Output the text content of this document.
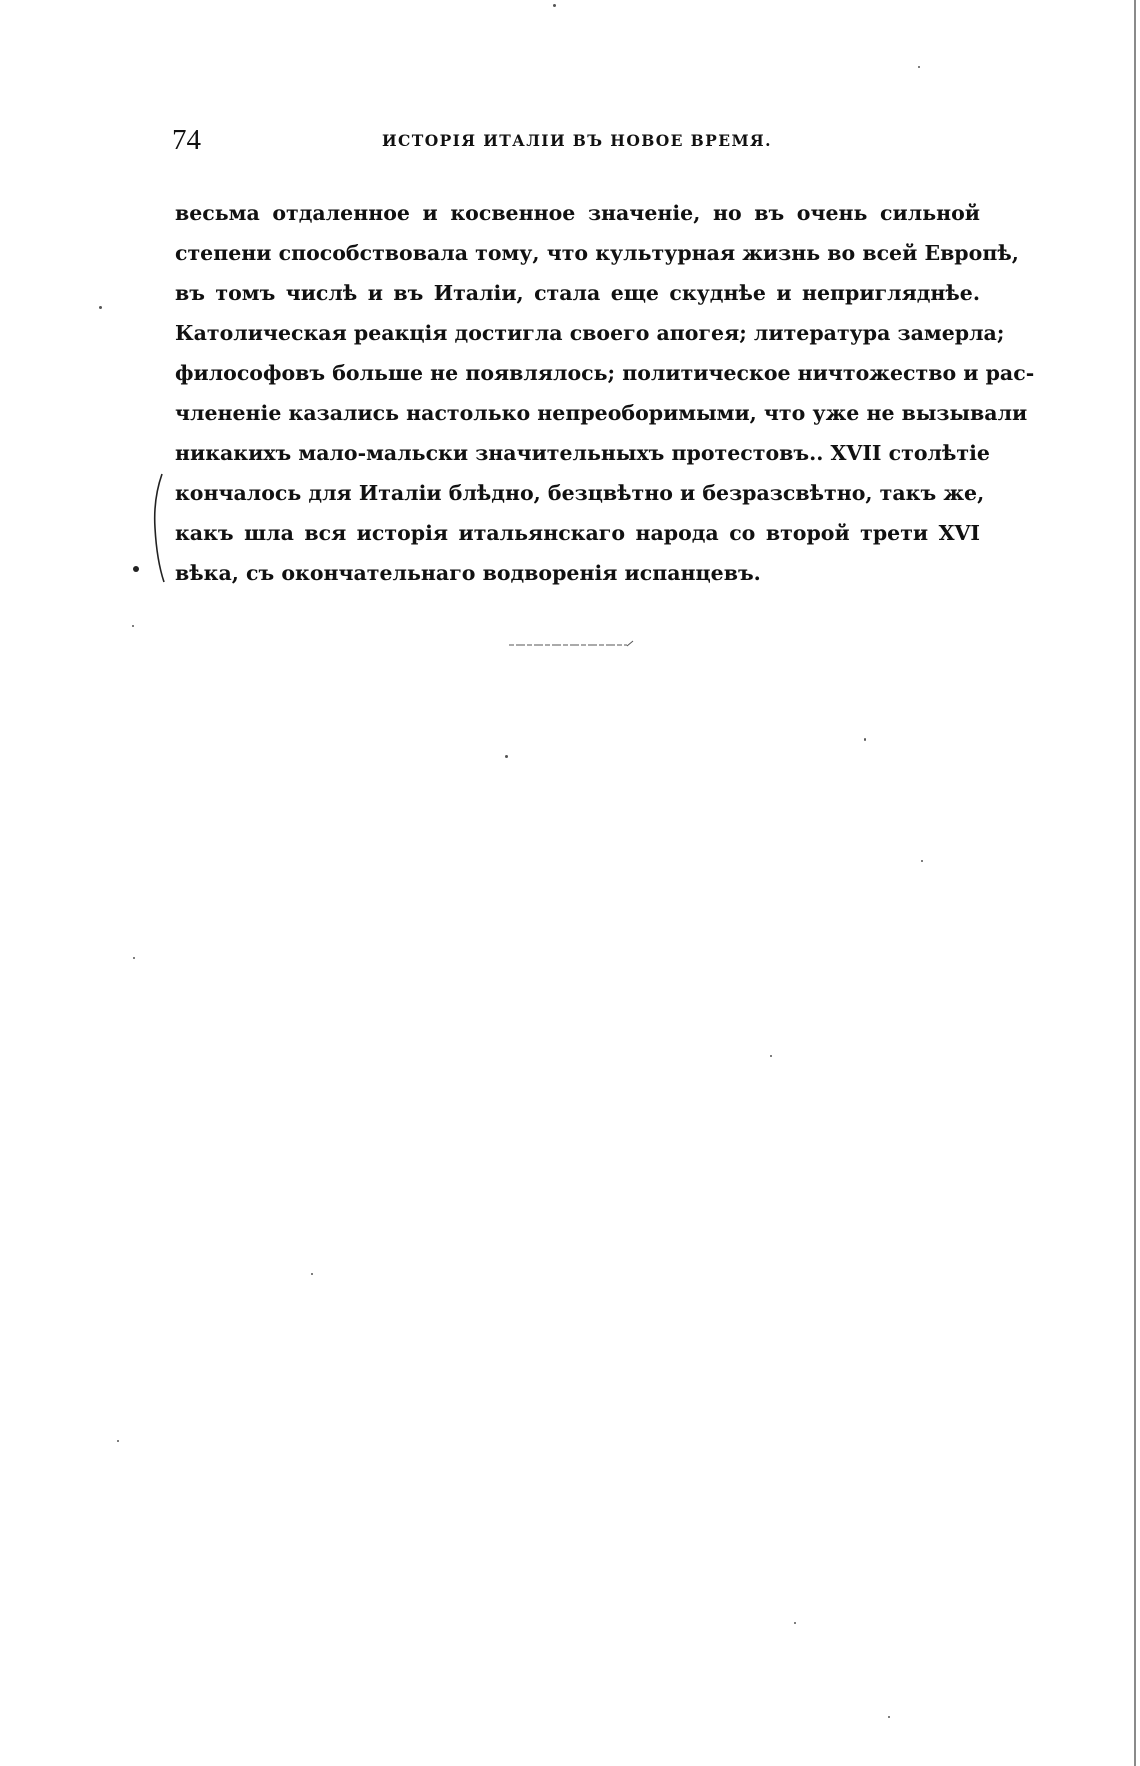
74	ИСТОРІЯ ИТАЛІИ ВЪ НОВОЕ ВРЕМЯ.
весьма отдаленное и косвенное значеніе, но въ очень сильной
степени способствовала тому, что культурная жизнь во всей Европѣ,
въ томъ числѣ и въ Италіи, стала еще скуднѣе и непригляднѣе.
Католическая реакція достигла своего апогея; литература замерла;
философовъ больше не появлялось; политическое ничтожество и рас-
члененіе казались настолько непреоборимыми, что уже не вызывали
никакихъ мало-мальски значительныхъ протестовъ.. XVII столѣтіе
кончалось для Италіи блѣдно, безцвѣтно и безразсвѣтно, такъ же,
какъ шла вся исторія итальянскаго народа со второй трети XVI
вѣка, съ окончательнаго водворенія испанцевъ.
